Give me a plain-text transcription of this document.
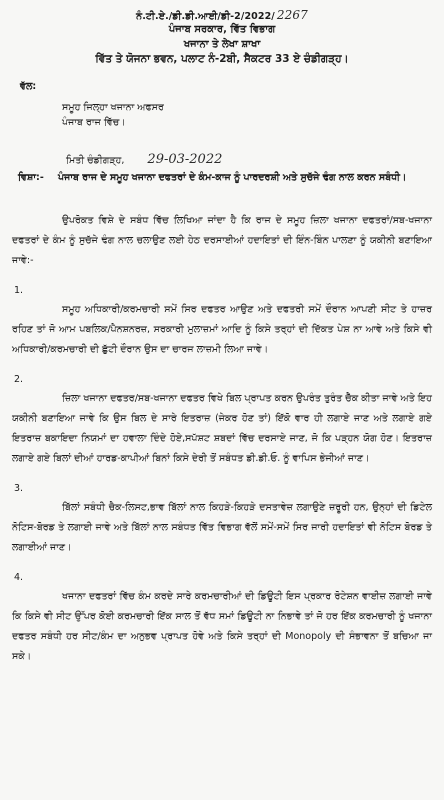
ਨੰ.ਟੀ.ਏ./ਡੀ.ਡੀ.ਆਈ/ਡੀ-2/2022/ 2267
ਪੰਜਾਬ ਸਰਕਾਰ, ਵਿੱਤ ਵਿਭਾਗ
ਖਜਾਨਾ ਤੇ ਲੇਖਾ ਸ਼ਾਖਾ
ਵਿੱਤ ਤੇ ਯੋਜਨਾ ਭਵਨ, ਪਲਾਟ ਨੰ-2ਬੀ, ਸੈਕਟਰ 33 ਏ ਚੰਡੀਗੜ੍ਹ।
ਵੱਲ:
ਸਮੂਹ ਜਿਲ੍ਹਾ ਖਜਾਨਾ ਅਫਸਰ
ਪੰਜਾਬ ਰਾਜ ਵਿੱਚ।
ਮਿਤੀ ਚੰਡੀਗੜ੍ਹ, 29-03-2022
ਵਿਸ਼ਾ:-	ਪੰਜਾਬ ਰਾਜ ਦੇ ਸਮੂਹ ਖਜਾਨਾ ਦਫਤਰਾਂ ਦੇ ਕੰਮ-ਕਾਜ ਨੂੰ ਪਾਰਦਰਸ਼ੀ ਅਤੇ ਸੁਚੱਜੇ ਢੰਗ ਨਾਲ ਕਰਨ ਸਬੰਧੀ।

ਉਪਰੋਕਤ ਵਿਸ਼ੇ ਦੇ ਸਬੰਧ ਵਿੱਚ ਲਿਖਿਆ ਜਾਂਦਾ ਹੈ ਕਿ ਰਾਜ ਦੇ ਸਮੂਹ ਜ਼ਿਲਾ ਖਜਾਨਾ ਦਫਤਰਾਂ/ਸਬ-ਖਜਾਨਾ ਦਫਤਰਾਂ ਦੇ ਕੰਮ ਨੂੰ ਸੁਚੱਜੇ ਢੰਗ ਨਾਲ ਚਲਾਉਣ ਲਈ ਹੇਠ ਦਰਸਾਈਆਂ ਹਦਾਇਤਾਂ ਦੀ ਇੰਨ-ਬਿੰਨ ਪਾਲਣਾ ਨੂੰ ਯਕੀਨੀ ਬਣਾਇਆ ਜਾਵੇ:-

1.

ਸਮੂਹ ਅਧਿਕਾਰੀ/ਕਰਮਚਾਰੀ ਸਮੇਂ ਸਿਰ ਦਫਤਰ ਆਉਣ ਅਤੇ ਦਫਤਰੀ ਸਮੇਂ ਦੌਰਾਨ ਆਪਣੀ ਸੀਟ ਤੇ ਹਾਜ਼ਰ ਰਹਿਣ ਤਾਂ ਜੋ ਆਮ ਪਬਲਿਕ/ਪੈਨਸ਼ਨਰਜ਼, ਸਰਕਾਰੀ ਮੁਲਾਜ਼ਮਾਂ ਆਦਿ ਨੂੰ ਕਿਸੇ ਤਰ੍ਹਾਂ ਦੀ ਦਿੱਕਤ ਪੇਸ਼ ਨਾ ਆਵੇ ਅਤੇ ਕਿਸੇ ਵੀ ਅਧਿਕਾਰੀ/ਕਰਮਚਾਰੀ ਦੀ ਛੁੱਟੀ ਦੌਰਾਨ ਉਸ ਦਾ ਚਾਰਜ ਲਾਜ਼ਮੀ ਲਿਆ ਜਾਵੇ।

2.

ਜ਼ਿਲਾ ਖਜਾਨਾ ਦਫਤਰ/ਸਬ-ਖਜਾਨਾ ਦਫਤਰ ਵਿਖੇ ਬਿਲ ਪ੍ਰਾਪਤ ਕਰਨ ਉਪਰੰਤ ਤੁਰੰਤ ਚੈੱਕ ਕੀਤਾ ਜਾਵੇ ਅਤੇ ਇਹ ਯਕੀਨੀ ਬਣਾਇਆ ਜਾਵੇ ਕਿ ਉਸ ਬਿਲ ਦੇ ਸਾਰੇ ਇਤਰਾਜ਼ (ਜੇਕਰ ਹੋਣ ਤਾਂ) ਇੱਕੋ ਵਾਰ ਹੀ ਲਗਾਏ ਜਾਣ ਅਤੇ ਲਗਾਏ ਗਏ ਇਤਰਾਜ਼ ਬਕਾਇਦਾ ਨਿਯਮਾਂ ਦਾ ਹਵਾਲਾ ਦਿੰਦੇ ਹੋਏ,ਸਪੱਸ਼ਟ ਸ਼ਬਦਾਂ ਵਿੱਚ ਦਰਸਾਏ ਜਾਣ, ਜੋ ਕਿ ਪੜ੍ਹਨ ਯੋਗ ਹੋਣ। ਇਤਰਾਜ਼ ਲਗਾਏ ਗਏ ਬਿਲਾਂ ਦੀਆਂ ਹਾਰਡ-ਕਾਪੀਆਂ ਬਿਨਾਂ ਕਿਸੇ ਦੇਰੀ ਤੋਂ ਸਬੰਧਤ ਡੀ.ਡੀ.ਓ. ਨੂੰ ਵਾਪਿਸ ਭੇਜੀਆਂ ਜਾਣ।

3.

ਬਿੱਲਾਂ ਸਬੰਧੀ ਚੈਕ-ਲਿਸਟ,ਭਾਵ ਬਿੱਲਾਂ ਨਾਲ ਕਿਹੜੇ-ਕਿਹੜੇ ਦਸਤਾਵੇਜ਼ ਲਗਾਉਣੇ ਜ਼ਰੂਰੀ ਹਨ, ਉਨ੍ਹਾਂ ਦੀ ਡਿਟੇਲ ਨੋਟਿਸ-ਬੋਰਡ ਤੇ ਲਗਾਈ ਜਾਵੇ ਅਤੇ ਬਿੱਲਾਂ ਨਾਲ ਸਬੰਧਤ ਵਿੱਤ ਵਿਭਾਗ ਵੱਲੋਂ ਸਮੇਂ-ਸਮੇਂ ਸਿਰ ਜਾਰੀ ਹਦਾਇਤਾਂ ਵੀ ਨੋਟਿਸ ਬੋਰਡ ਤੇ ਲਗਾਈਆਂ ਜਾਣ।

4.

ਖਜਾਨਾ ਦਫਤਰਾਂ ਵਿੱਚ ਕੰਮ ਕਰਦੇ ਸਾਰੇ ਕਰਮਚਾਰੀਆਂ ਦੀ ਡਿਊਟੀ ਇਸ ਪ੍ਰਕਾਰ ਰੋਟੇਸ਼ਨ ਵਾਈਜ਼ ਲਗਾਈ ਜਾਵੇ ਕਿ ਕਿਸੇ ਵੀ ਸੀਟ ਉੱਪਰ ਕੋਈ ਕਰਮਚਾਰੀ ਇੱਕ ਸਾਲ ਤੋਂ ਵੱਧ ਸਮਾਂ ਡਿਊਟੀ ਨਾ ਨਿਭਾਵੇ ਤਾਂ ਜੋ ਹਰ ਇੱਕ ਕਰਮਚਾਰੀ ਨੂੰ ਖਜਾਨਾ ਦਫਤਰ ਸਬੰਧੀ ਹਰ ਸੀਟ/ਕੰਮ ਦਾ ਅਨੁਭਵ ਪ੍ਰਾਪਤ ਹੋਵੇ ਅਤੇ ਕਿਸੇ ਤਰ੍ਹਾਂ ਦੀ Monopoly ਦੀ ਸੰਭਾਵਨਾ ਤੋਂ ਬਚਿਆ ਜਾ ਸਕੇ।
